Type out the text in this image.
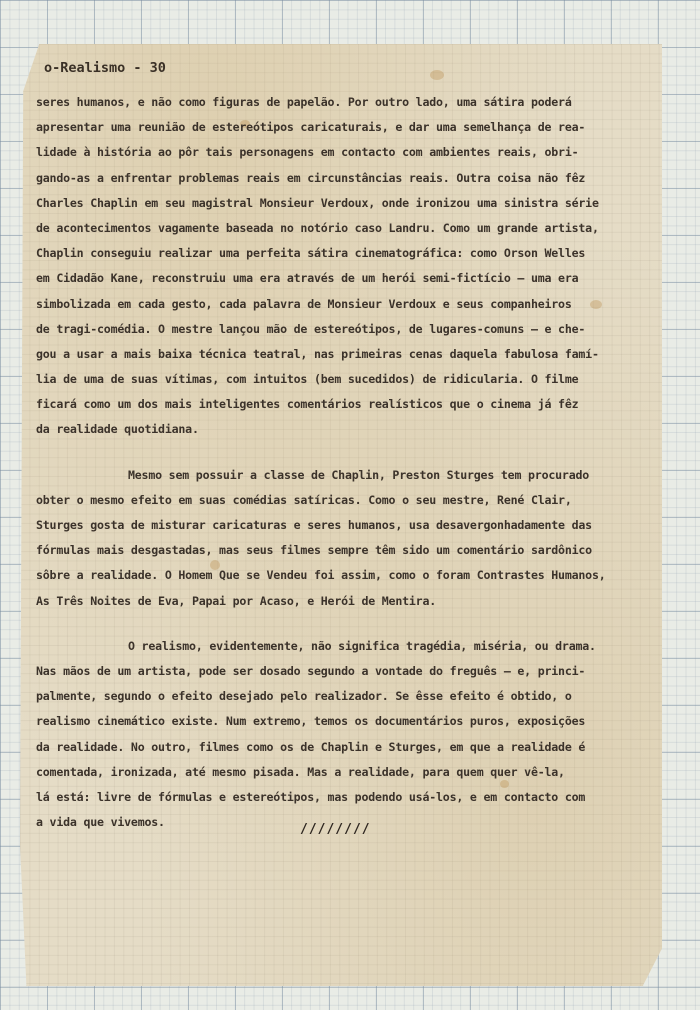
o-Realismo - 30
seres humanos, e não como figuras de papelão. Por outro lado, uma sátira poderá
apresentar uma reunião de estereótipos caricaturais, e dar uma semelhança de rea-
lidade à história ao pôr tais personagens em contacto com ambientes reais, obri-
gando-as a enfrentar problemas reais em circunstâncias reais. Outra coisa não fêz
Charles Chaplin em seu magistral Monsieur Verdoux, onde ironizou uma sinistra série
de acontecimentos vagamente baseada no notório caso Landru. Como um grande artista,
Chaplin conseguiu realizar uma perfeita sátira cinematográfica: como Orson Welles
em Cidadão Kane, reconstruiu uma era através de um herói semi-fictício — uma era
simbolizada em cada gesto, cada palavra de Monsieur Verdoux e seus companheiros
de tragi-comédia. O mestre lançou mão de estereótipos, de lugares-comuns — e che-
gou a usar a mais baixa técnica teatral, nas primeiras cenas daquela fabulosa famí-
lia de uma de suas vítimas, com intuitos (bem sucedidos) de ridicularia. O filme
ficará como um dos mais inteligentes comentários realísticos que o cinema já fêz
da realidade quotidiana.
Mesmo sem possuir a classe de Chaplin, Preston Sturges tem procurado
obter o mesmo efeito em suas comédias satíricas. Como o seu mestre, René Clair,
Sturges gosta de misturar caricaturas e seres humanos, usa desavergonhadamente das
fórmulas mais desgastadas, mas seus filmes sempre têm sido um comentário sardônico
sôbre a realidade. O Homem Que se Vendeu foi assim, como o foram Contrastes Humanos,
As Três Noites de Eva, Papai por Acaso, e Herói de Mentira.
O realismo, evidentemente, não significa tragédia, miséria, ou drama.
Nas mãos de um artista, pode ser dosado segundo a vontade do freguês — e, princi-
palmente, segundo o efeito desejado pelo realizador. Se êsse efeito é obtido, o
realismo cinemático existe. Num extremo, temos os documentários puros, exposições
da realidade. No outro, filmes como os de Chaplin e Sturges, em que a realidade é
comentada, ironizada, até mesmo pisada. Mas a realidade, para quem quer vê-la,
lá está: livre de fórmulas e estereótipos, mas podendo usá-los, e em contacto com
a vida que vivemos.	////////
